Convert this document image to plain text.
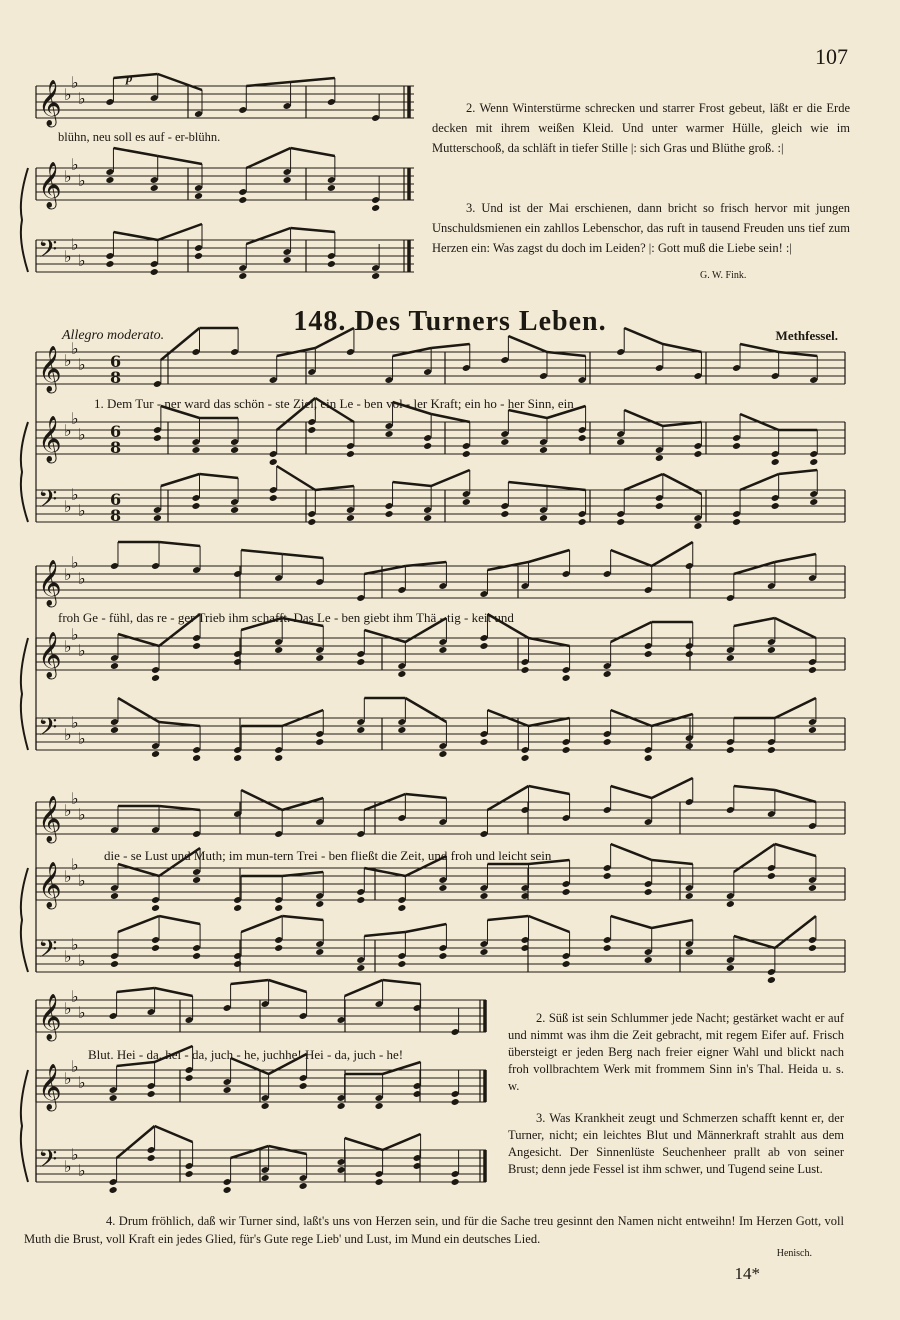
107
𝄞 ♭
♭
♭
𝄞 ♭
♭
♭
𝄢 ♭
♭
♭
𝄞 ♭
♭
♭ 6
8
𝄞 ♭
♭
♭ 6
8
𝄢 ♭
♭
♭
6
8
𝄞 ♭
♭
♭
𝄞 ♭
♭
♭
𝄢 ♭
♭
♭
𝄞 ♭
♭
♭
𝄞 ♭
♭
♭
𝄢 ♭
♭
♭
𝄞 ♭
♭
♭
𝄞 ♭
♭
♭
𝄢 ♭
♭
♭
blühn, neu soll es auf - er-blühn.
p
2. Wenn Winterstürme schrecken und starrer Frost gebeut, läßt er die Erde decken mit ihrem weißen Kleid. Und unter warmer Hülle, gleich wie im Mutterschooß, da schläft in tiefer Stille |: sich Gras und Blüthe groß. :|
3. Und ist der Mai erschienen, dann bricht so frisch hervor mit jungen Unschuldsmienen ein zahllos Lebenschor, das ruft in tausend Freuden uns tief zum Herzen ein: Was zagst du doch im Leiden? |: Gott muß die Liebe sein! :|
G. W. Fink.
148. Des Turners Leben.
Allegro moderato.	Methfessel.
1. Dem Tur - ner ward das schön - ste Ziel, ein Le - ben vol - ler Kraft; ein ho - her Sinn, ein
froh Ge - fühl, das re - ger Trieb ihm schafft. Das Le - ben giebt ihm Thä - tig - keit und
die - se Lust und Muth; im mun-tern Trei - ben fließt die Zeit, und froh und leicht sein
Blut. Hei - da, hei - da, juch - he, juchhe! Hei - da, juch - he!
2. Süß ist sein Schlummer jede Nacht; gestärket wacht er auf und nimmt was ihm die Zeit gebracht, mit regem Eifer auf. Frisch übersteigt er jeden Berg nach freier eigner Wahl und blickt nach froh vollbrachtem Werk mit frommem Sinn in's Thal. Heida u. s. w.
3. Was Krankheit zeugt und Schmerzen schafft kennt er, der Turner, nicht; ein leichtes Blut und Männerkraft strahlt aus dem Angesicht. Der Sinnenlüste Seuchenheer prallt ab von seiner Brust; denn jede Fessel ist ihm schwer, und Tugend seine Lust.
4. Drum fröhlich, daß wir Turner sind, laßt's uns von Herzen sein, und für die Sache treu gesinnt den Namen nicht entweihn! Im Herzen Gott, voll Muth die Brust, voll Kraft ein jedes Glied, für's Gute rege Lieb' und Lust, im Mund ein deutsches Lied.
Henisch.
14*
